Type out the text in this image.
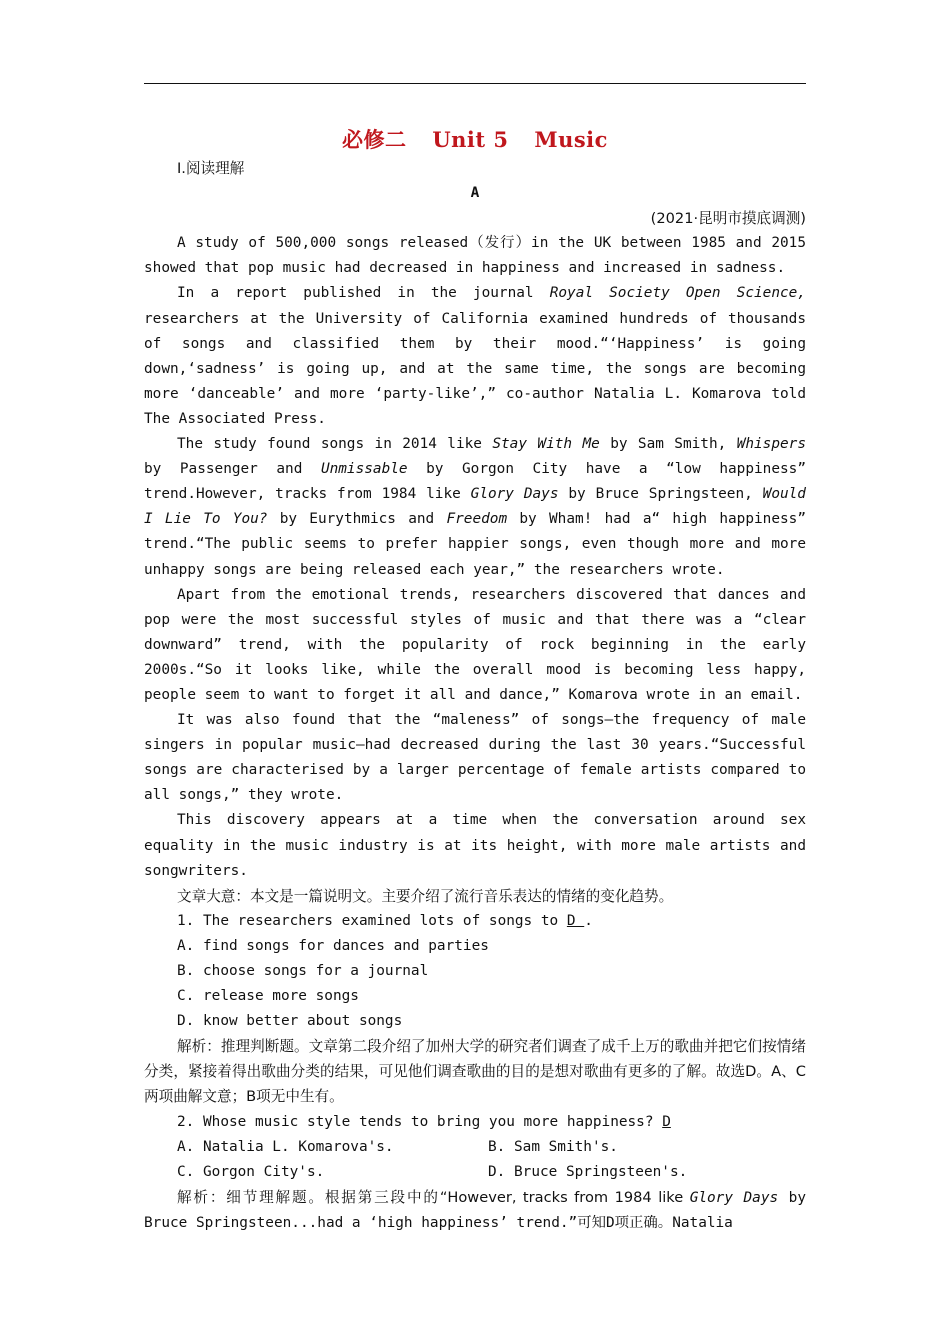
必修二 Unit 5 Music

Ⅰ.阅读理解

A

(2021·昆明市摸底调测)

A study of 500,000 songs released（发行）in the UK between 1985 and 2015 showed that pop music had decreased in happiness and increased in sadness.

In a report published in the journal Royal Society Open Science, researchers at the University of California examined hundreds of thousands of songs and classified them by their mood.“‘Happiness’ is going down,‘sadness’ is going up, and at the same time, the songs are becoming more ‘danceable’ and more ‘party-like’,” co-author Natalia L. Komarova told The Associated Press.

The study found songs in 2014 like Stay With Me by Sam Smith, Whispers by Passenger and Unmissable by Gorgon City have a “low happiness” trend.However, tracks from 1984 like Glory Days by Bruce Springsteen, Would I Lie To You? by Eurythmics and Freedom by Wham! had a“ high happiness” trend.“The public seems to prefer happier songs, even though more and more unhappy songs are being released each year,” the researchers wrote.

Apart from the emotional trends, researchers discovered that dances and pop were the most successful styles of music and that there was a “clear downward” trend, with the popularity of rock beginning in the early 2000s.“So it looks like, while the overall mood is becoming less happy, people seem to want to forget it all and dance,” Komarova wrote in an email.

It was also found that the “maleness” of songs—the frequency of male singers in popular music—had decreased during the last 30 years.“Successful songs are characterised by a larger percentage of female artists compared to all songs,” they wrote.

This discovery appears at a time when the conversation around sex equality in the music industry is at its height, with more male artists and songwriters.

文章大意：本文是一篇说明文。主要介绍了流行音乐表达的情绪的变化趋势。

1. The researchers examined lots of songs to D .

A. find songs for dances and parties

B. choose songs for a journal

C. release more songs

D. know better about songs

解析：推理判断题。文章第二段介绍了加州大学的研究者们调查了成千上万的歌曲并把它们按情绪分类，紧接着得出歌曲分类的结果，可见他们调查歌曲的目的是想对歌曲有更多的了解。故选D。A、C两项曲解文意；B项无中生有。

2. Whose music style tends to bring you more happiness? D

A. Natalia L. Komarova's.	B. Sam Smith's.
C. Gorgon City's.	D. Bruce Springsteen's.

解析：细节理解题。根据第三段中的“However, tracks from 1984 like Glory Days by Bruce Springsteen...had a ‘high happiness’ trend.”可知D项正确。Natalia
